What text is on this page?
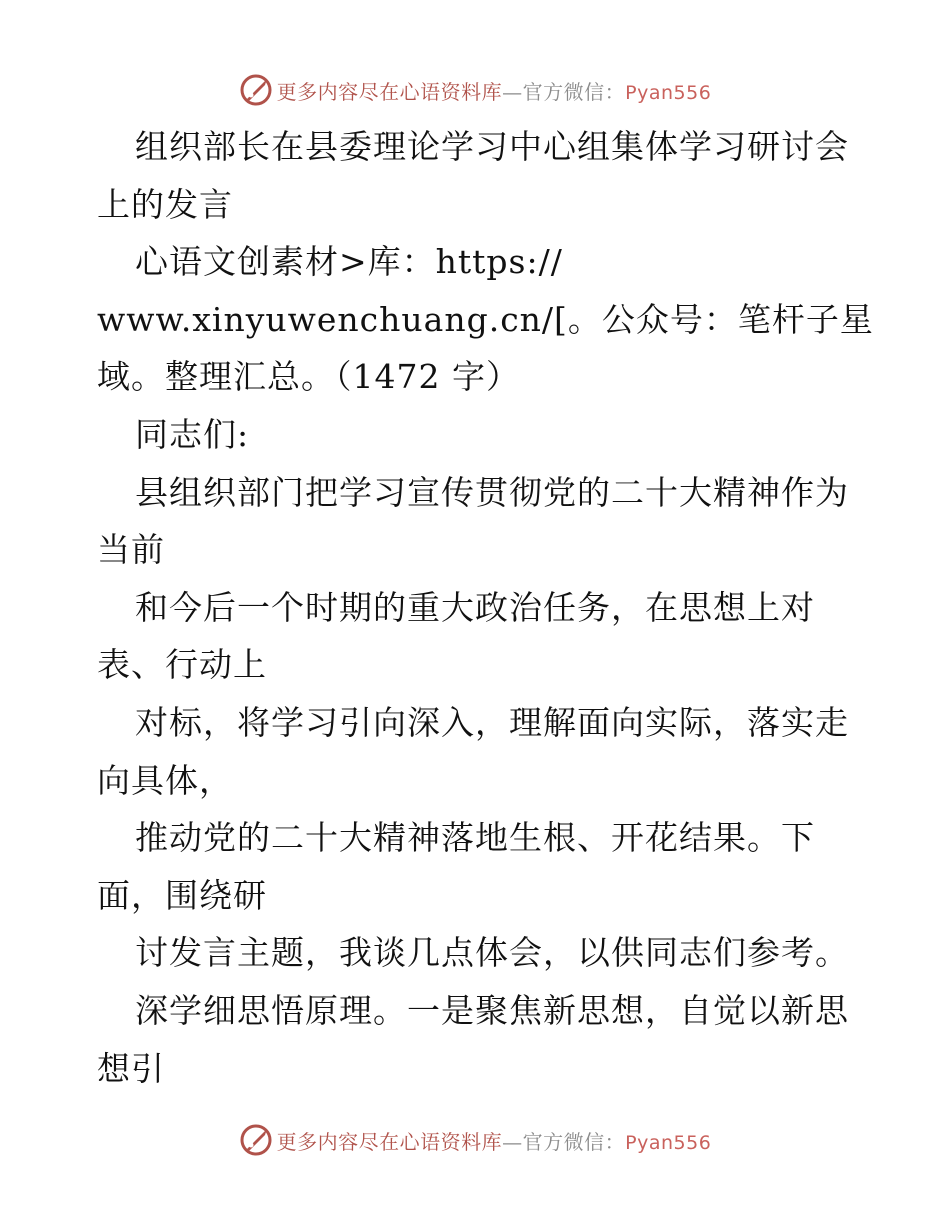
更多内容尽在心语资料库—官方微信：Pyan556
组织部长在县委理论学习中心组集体学习研讨会
上的发言
心语文创素材>库：https://
www.xinyuwenchuang.cn/[。公众号：笔杆子星
域。整理汇总。（1472 字）
同志们:
县组织部门把学习宣传贯彻党的二十大精神作为
当前
和今后一个时期的重大政治任务，在思想上对
表、行动上
对标，将学习引向深入，理解面向实际，落实走
向具体，
推动党的二十大精神落地生根、开花结果。下
面，围绕研
讨发言主题，我谈几点体会，以供同志们参考。
深学细思悟原理。一是聚焦新思想，自觉以新思
想引
更多内容尽在心语资料库—官方微信：Pyan556
